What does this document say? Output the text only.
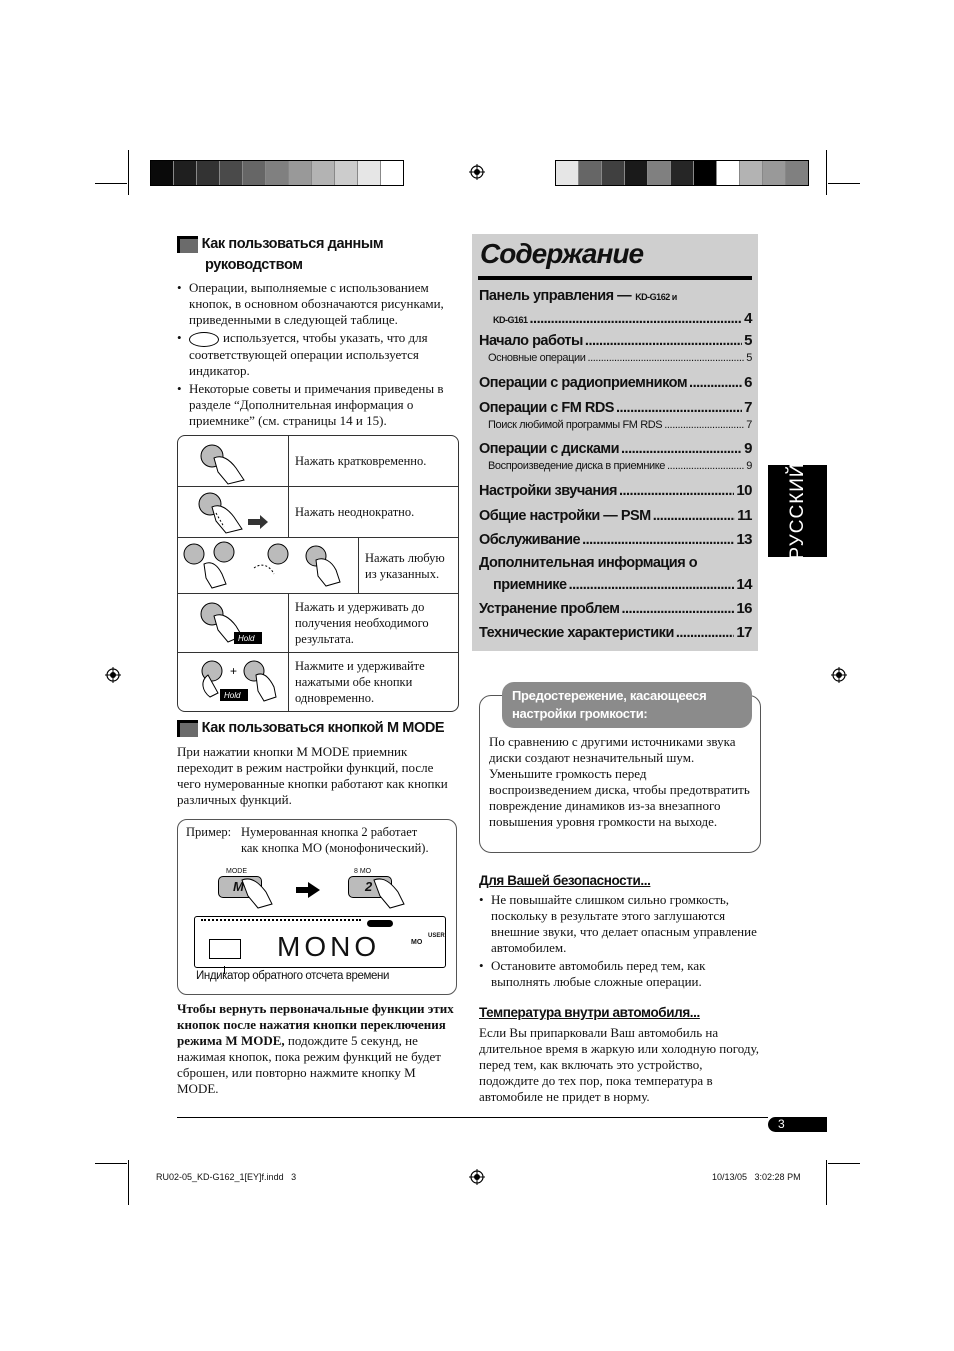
Как пользоваться данным
руководством
• Операции, выполняемые с использованием кнопок, в основном обозначаются рисунками, приведенными в следующей таблице.
• используется, чтобы указать, что для соответствующей операции используется индикатор.
• Некоторые советы и примечания приведены в разделе “Дополнительная информация о приемнике” (см. страницы 14 и 15).
Нажать кратковременно.
Нажать неоднократно.
Нажать любую из указанных.
Hold
Нажать и удерживать до получения необходимого результата.
+
Hold
Нажмите и удерживайте нажатыми обе кнопки одновременно.
Как пользоваться кнопкой M MODE
При нажатии кнопки M MODE приемник переходит в режим настройки функций, после чего нумерованные кнопки работают как кнопки различных функций.
Пример: Нумерованная кнопка 2 работает
как кнопка MO (монофонический).
MODE
M
8 MO
2
MONO	MO
USER
Индикатор обратного отсчета времени
Чтобы вернуть первоначальные функции этих кнопок после нажатия кнопки переключения режима M MODE, подождите 5 секунд, не нажимая кнопок, пока режим функций не будет сброшен, или повторно нажмите кнопку M MODE.
Содержание
Панель управления — KD-G162 и
KD-G161 .....	4
Начало работы .....	5
Основные операции .....	5
Операции с радиоприемником .....	6
Операции с FM RDS .....	7
Поиск любимой программы FM RDS .....	7
Операции с дисками .....	9
Воспроизведение диска в приемнике .....	9
Настройки звучания .....	10
Общие настройки — PSM .....	11
Обслуживание .....	13
Дополнительная информация о
приемнике .....	14
Устранение проблем .....	16
Технические характеристики .....	17
РУССКИЙ
Предостережение, касающееся настройки громкости:
По сравнению с другими источниками звука диски создают незначительный шум. Уменьшите громкость перед воспроизведением диска, чтобы предотвратить повреждение динамиков из-за внезапного повышения уровня громкости на выходе.
Для Вашей безопасности...
• Не повышайте слишком сильно громкость, поскольку в результате этого заглушаются внешние звуки, что делает опасным управление автомобилем.
• Остановите автомобиль перед тем, как выполнять любые сложные операции.
Температура внутри автомобиля...
Если Вы припарковали Ваш автомобиль на длительное время в жаркую или холодную погоду, перед тем, как включать это устройство, подождите до тех пор, пока температура в автомобиле не придет в норму.
3
RU02-05_KD-G162_1[EY]f.indd   3	10/13/05   3:02:28 PM
